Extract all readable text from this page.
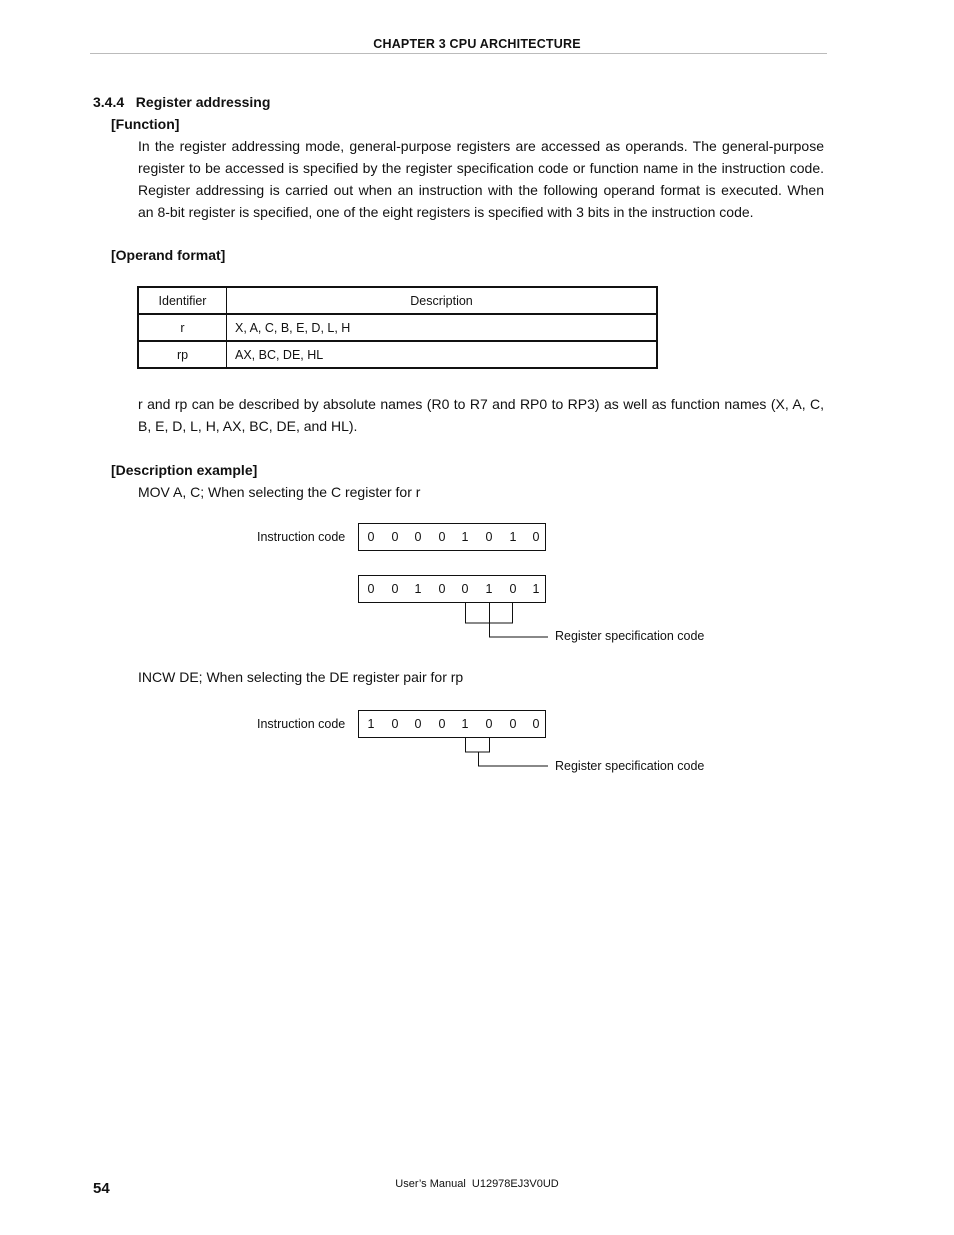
CHAPTER 3 CPU ARCHITECTURE
3.4.4   Register addressing
[Function]
In the register addressing mode, general-purpose registers are accessed as operands. The general-purpose
register to be accessed is specified by the register specification code or function name in the instruction code.
Register addressing is carried out when an instruction with the following operand format is executed. When
an 8-bit register is specified, one of the eight registers is specified with 3 bits in the instruction code.
[Operand format]
Identifier	Description
r	X, A, C, B, E, D, L, H
rp	AX, BC, DE, HL
r and rp can be described by absolute names (R0 to R7 and RP0 to RP3) as well as function names (X, A, C,
B, E, D, L, H, AX, BC, DE, and HL).
[Description example]
MOV A, C; When selecting the C register for r
Instruction code 0 0 0 0 1 0 1 0
0 0 1 0 0 1 0 1
Register specification code
INCW DE; When selecting the DE register pair for rp
Instruction code 1 0 0 0 1 0 0 0
Register specification code
54	User’s Manual  U12978EJ3V0UD
